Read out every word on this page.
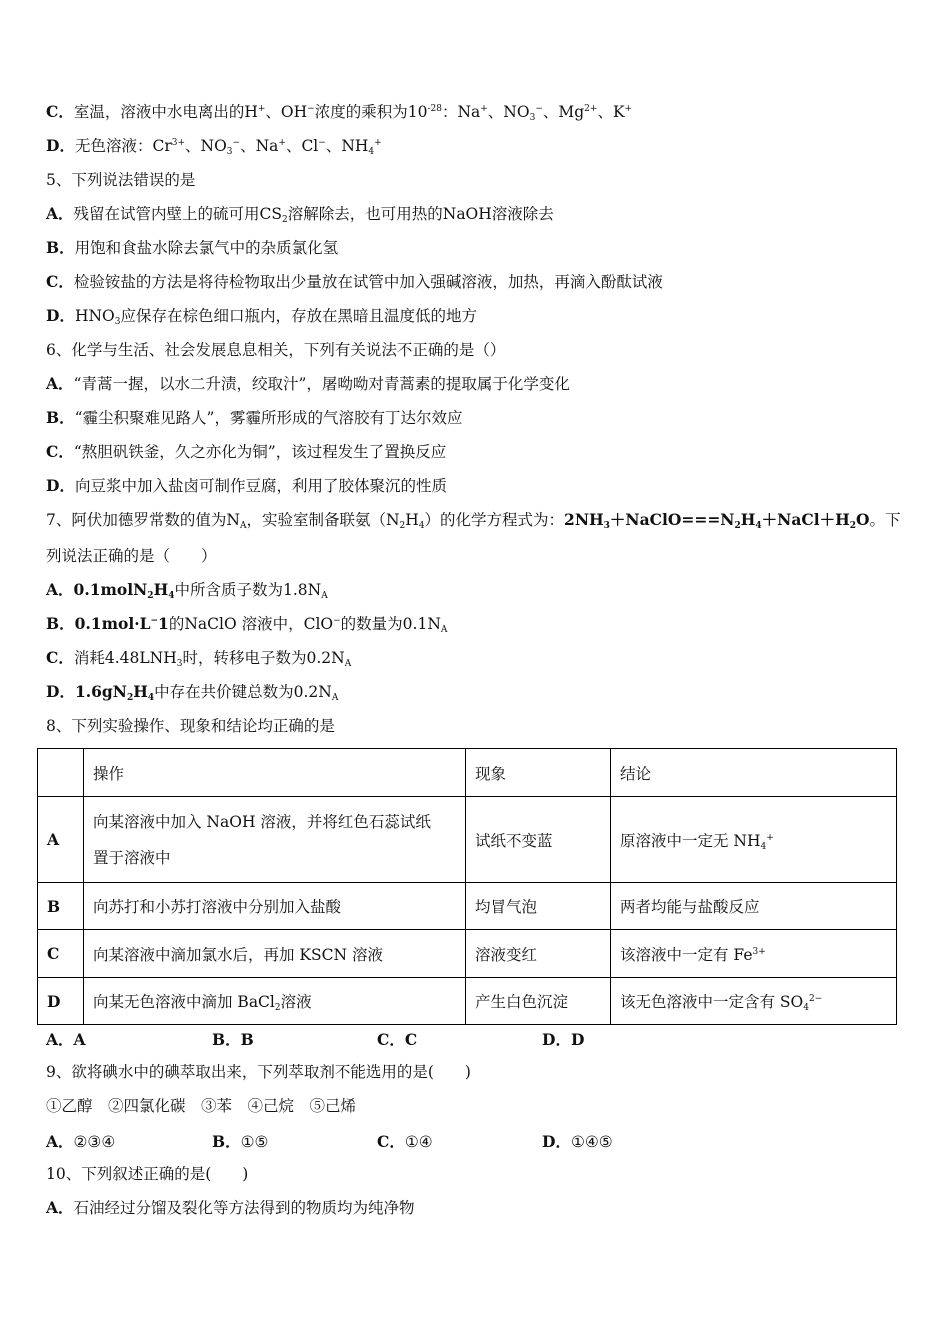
C．室温，溶液中水电离出的H+、OH−浓度的乘积为$10^{-28}$：Na+、$NO_3^-$、$Mg^{2+}$、K+
D．无色溶液：$Cr^{3+}$、$NO_3^-$、Na+、Cl−、$NH_4^+$
5、下列说法错误的是
A．残留在试管内壁上的硫可用$CS_2$溶解除去，也可用热的NaOH溶液除去
B．用饱和食盐水除去氯气中的杂质氯化氢
C．检验铵盐的方法是将待检物取出少量放在试管中加入强碱溶液，加热，再滴入酚酞试液
D．$HNO_3$应保存在棕色细口瓶内，存放在黑暗且温度低的地方
6、化学与生活、社会发展息息相关，下列有关说法不正确的是（）
A．“青蒿一握，以水二升渍，绞取汁”，屠呦呦对青蒿素的提取属于化学变化
B．“霾尘积聚难见路人”，雾霾所形成的气溶胶有丁达尔效应
C．“熬胆矾铁釜，久之亦化为铜”，该过程发生了置换反应
D．向豆浆中加入盐卤可制作豆腐，利用了胶体聚沉的性质
7、阿伏加德罗常数的值为$N_A$，实验室制备联氨$(N_2H_4)$的化学方程式为：$2NH_3+NaClO===N_2H_4+NaCl+H_2O$。下
列说法正确的是（　　）
A．$0.1molN_2H_4$中所含质子数为$1.8N_A$
B．0.1mol·L−1的NaClO 溶液中，ClO−的数量为$0.1N_A$
C．消耗$4.48LNH_3$时，转移电子数为$0.2N_A$
D．$1.6gN_2H_4$中存在共价键总数为$0.2N_A$
8、下列实验操作、现象和结论均正确的是
	操作	现象	结论
A	向某溶液中加入 NaOH 溶液，并将红色石蕊试纸
置于溶液中	试纸不变蓝	原溶液中一定无 $NH_4^+$
B	向苏打和小苏打溶液中分别加入盐酸	均冒气泡	两者均能与盐酸反应
C	向某溶液中滴加氯水后，再加 KSCN 溶液	溶液变红	该溶液中一定有 $Fe^{3+}$
D	向某无色溶液中滴加 BaCl$_2$溶液	产生白色沉淀	该无色溶液中一定含有 $SO_4^{2-}$
A．A	B．B	C．C	D．D
9、欲将碘水中的碘萃取出来，下列萃取剂不能选用的是(　　)
①乙醇　②四氯化碳　③苯　④己烷　⑤己烯
A．②③④	B．①⑤	C．①④	D．①④⑤
10、下列叙述正确的是(　　)
A．石油经过分馏及裂化等方法得到的物质均为纯净物
